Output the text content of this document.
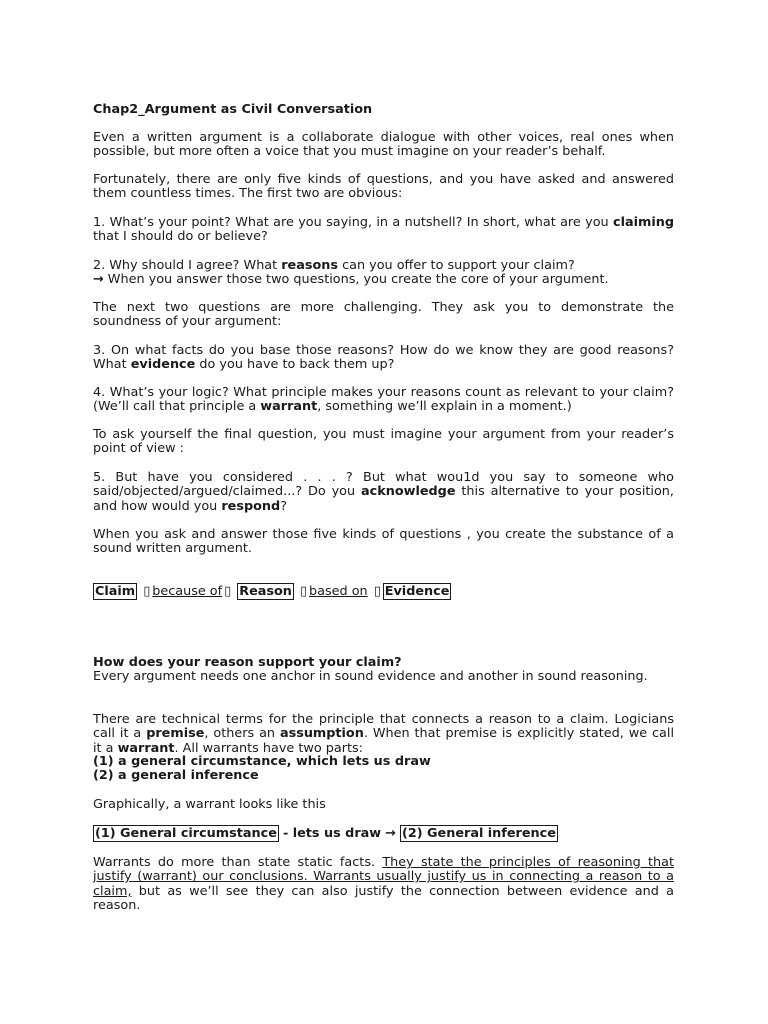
Chap2_Argument as Civil Conversation

Even a written argument is a collaborate dialogue with other voices, real ones when possible, but more often a voice that you must imagine on your reader’s behalf.

Fortunately, there are only five kinds of questions, and you have asked and answered them countless times. The first two are obvious:

1. What’s your point? What are you saying, in a nutshell? In short, what are you claiming that I should do or believe?

2. Why should I agree? What reasons can you offer to support your claim?
→ When you answer those two questions, you create the core of your argument.

The next two questions are more challenging. They ask you to demonstrate the soundness of your argument:

3. On what facts do you base those reasons? How do we know they are good reasons? What evidence do you have to back them up?

4. What’s your logic? What principle makes your reasons count as relevant to your claim? (We’ll call that principle a warrant, something we’ll explain in a moment.)

To ask yourself the final question, you must imagine your argument from your reader’s point of view :

5. But have you considered . . . ? But what wou1d you say to someone who said/objected/argued/claimed...? Do you acknowledge this alternative to your position, and how would you respond?

When you ask and answer those five kinds of questions , you create the substance of a sound written argument.

Claim ▯ because of ▯ Reason ▯ based on ▯ Evidence

How does your reason support your claim?
Every argument needs one anchor in sound evidence and another in sound reasoning.

There are technical terms for the principle that connects a reason to a claim. Logicians call it a premise, others an assumption. When that premise is explicitly stated, we call it a warrant. All warrants have two parts:

(1) a general circumstance, which lets us draw
(2) a general inference

Graphically, a warrant looks like this

(1) General circumstance - lets us draw → (2) General inference

Warrants do more than state static facts. They state the principles of reasoning that justify (warrant) our conclusions. Warrants usually justify us in connecting a reason to a claim, but as we’ll see they can also justify the connection between evidence and a reason.
